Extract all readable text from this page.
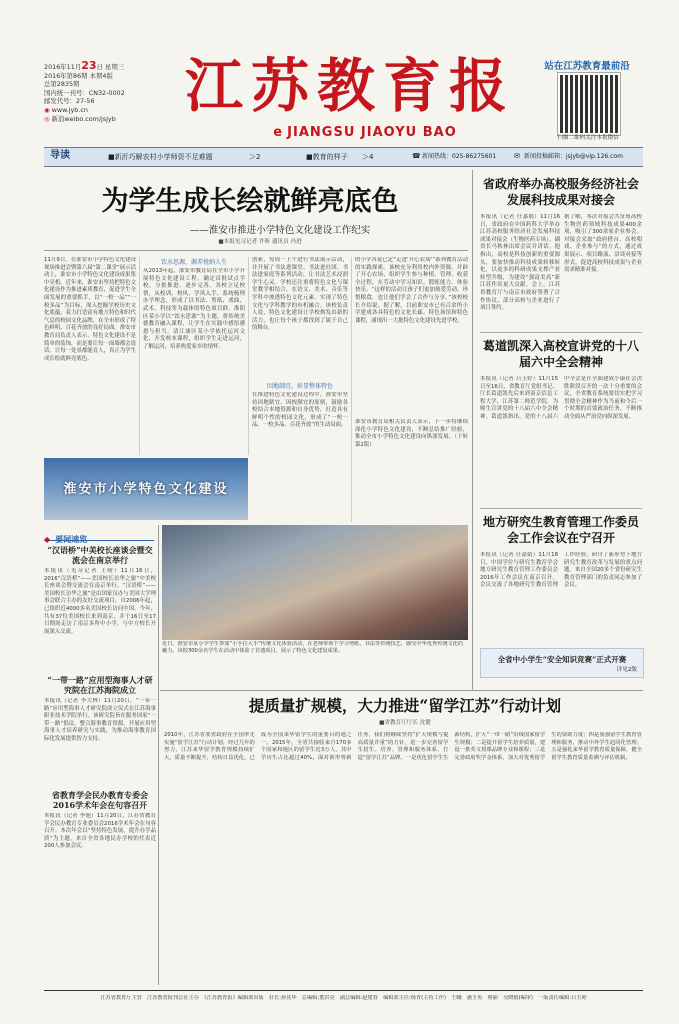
2016年11月23日 星期三
2016年第86期 本期4版
总第2835期
国内统一刊号：CN32-0002
邮发代号：27-56
◉ www.jyb.cn
◎ 新浪weibo.com/jsjyb	江苏教育报
e JIANGSU JIAOYU BAO
站在江苏教育最前沿
扫描二维码关注本报微信
导读	■新沂巧解农村小学师资不足难题	＞2	■教育的样子 ＞4	☎ 新闻热线：025-86275601	✉ 新闻投稿邮箱：jsjyb@vip.126.com
为学生成长绘就鲜亮底色
——淮安市推进小学特色文化建设工作纪实
■本报见习记者 许昕 通讯员 冯进
11月9日，在淮安市小学特色文化建设现场推进会暨第六届“第二课堂”展示活动上，淮安市小学特色文化建设成果集中亮相。近年来，淮安市坚持把特色文化建设作为推进素质教育、促进学生全面发展的重要抓手，以“一校一品”“一校多品”为目标，深入挖掘学校历史文化底蕴，着力打造富有地方特色和时代气息的校园文化品牌，在全市形成了特色鲜明、百花齐放的良好局面。淮安市教育局负责人表示，特色文化建设不是简单的装饰，而是要让每一面墙都会说话，让每一处景都能育人，真正为学生成长绘就鲜亮底色。
饮水思源，源养悦纳人生
从2013年起，淮安市教育局在全市小学开展特色文化建设工程，确定首批试点学校，分批推进、逐步完善。各校立足校情，从校训、校风、学风入手，系统梳理办学理念，形成了以书法、剪纸、戏曲、武术、科技等为载体的特色项目群。淮阴区某小学以“饮水思源”为主题，将传统美德教育融入课程，让学生在实践中感悟感恩与担当。清江浦区某小学依托运河文化，开发校本课程，组织学生走进运河、了解运河，培养热爱家乡的情怀。
创新，每周一上午进行书法展示活动，并开展了书法进课堂、书法进社团、书法进家庭等系列活动，让书法艺术浸润学生心灵。学校还注重将特色文化与课堂教学相结合，在语文、美术、音乐等学科中渗透特色文化元素，实现了特色文化与学科教学的有机融合。该校负责人说，特色文化建设让学校焕发出新的活力，也让每个孩子都找到了属于自己的舞台。
因地制宜，彰显整体特色
在推进特色文化建设过程中，淮安市坚持因地制宜、因校制宜的原则，鼓励各校结合本地资源和自身优势，打造具有鲜明个性的校园文化，形成了“一校一品、一校多品、百花齐放”的生动局面。
的小学各说已定“走进‘开心农场’”系列教育活动的实践探索。该校充分利用校内外资源，开辟了开心农场，组织学生参与种植、管理、收获全过程，在劳动中学习知识、锻炼能力、体验快乐。“这样的活动让孩子们更加热爱劳动、珍惜粮食，也让他们学会了合作与分享。”该校校长介绍说。据了解，目前淮安市已有百余所小学建成各具特色的文化长廊、特色场馆和特色课程，涌现出一大批特色文化建设先进学校。
淮安市教育局相关负责人表示，下一步将继续深化小学特色文化建设，不断总结推广经验，推动全市小学特色文化建设向纵深发展。（下转第2版）
淮安市小学特色文化建设
近日，淮安市某小学学生参加“小手拉大手”传统文化体验活动，在老师带领下学习剪纸、书法等传统技艺，感受中华优秀传统文化的魅力。该校300余名学生在活动中体验了非遗项目，展示了特色文化建设成果。
◆ 要闻速览
“汉语桥”中美校长座谈会暨交流会在南京举行
本报讯（见习记者 王晴）11月16日，2016“汉语桥”——美国校长访华之旅“中美校长座谈会暨交流会在南京举行。“汉语桥”——美国校长访华之旅”是由国家汉办与美国大学理事会联合主办的友好交流项目，自2006年起，已组织近4000多名美国校长访问中国。今年，共有37位美国校长来到南京，并于16日至17日期间走访了南京多所中小学，与中方校长开展深入交流。
“一带一路”应用型海事人才研究院在江苏海院成立
本报讯（记者 李大林）11月20日，“一带一路”应用型海事人才研究院成立仪式在江苏海事职业技术学院举行。该研究院旨在服务国家“一带一路”倡议，整合海事教育资源，开展应用型海事人才培养研究与实践，为推动海事教育国际化发展提供智力支持。
省教育学会民办教育专委会2016学术年会在句容召开
本报讯（记者 李旭）11月20日，江苏省教育学会民办教育专业委员会2016学术年会在句容召开。本次年会以“坚持特色发展，提升办学品质”为主题，来自全省各地民办学校的代表近200人参加会议。
省政府举办高校服务经济社会发展科技成果对接会
本报讯（记者 任嘉婧）11月16日，省政府在中国药科大学举办江苏高校服务经济社会发展科技成果对接会（生物医药专场）。副省长马秋林出席会议并讲话。他指出，高校是科技创新的重要源头，要加快推动科技成果转移转化，以更多的科研成果支撑产业转型升级，为建设“强富美高”新江苏作出更大贡献。会上，江苏省教育厅与南京市政府签署了合作协议，部分高校与企业进行了项目签约。
据了解，本次对接会共征集高校生物医药领域科技成果400余项，吸引了300余家企业参会。对接会采取“政府搭台、高校唱戏、企业参与”的方式，通过成果展示、项目路演、洽谈对接等形式，促进高校科技成果与企业需求精准对接。
葛道凯深入高校宣讲党的十八届六中全会精神
本报讯（记者 吕玉婷）11月15日至16日，省教育厅党组书记、厅长葛道凯先后来到南京信息工程大学、江苏第二师范学院，为师生宣讲党的十八届六中全会精神。葛道凯指出，党的十八届六中全会是在全面建成小康社会决胜阶段召开的一次十分重要的会议，全省教育系统要切实把学习贯彻全会精神作为当前和今后一个时期的首要政治任务，不断推动全面从严治党向纵深发展。
地方研究生教育管理工作委员会工作会议在宁召开
本报讯（记者 任嘉婧）11月18日，中国学位与研究生教育学会地方研究生教育管理工作委员会2016年工作会议在南京召开。会议交流了各地研究生教育管理工作经验，研讨了新形势下地方研究生教育改革与发展的重点问题。来自全国20多个省份研究生教育管理部门的负责同志参加了会议。
全省中小学生“安全知识竞赛”正式开赛
详见2版
提质量扩规模，大力推进“留学江苏”行动计划
■省教育厅厅长 沈健
2010年，江苏省委省政府在全国率先实施“留学江苏”行动计划，经过几年的努力，江苏来华留学教育规模持续扩大，质量不断提升，结构日益优化，已成为全国来华留学生的重要目的地之一。2015年，全省共接收来自170多个国家和地区的留学生近3万人，其中学历生占比超过40%。面对新形势新任务，我们将继续坚持“扩大规模与提高质量并重”的方针，进一步完善留学生招生、培养、管理和服务体系，打造“留学江苏”品牌。一是优化留学生生源结构，扩大“一带一路”沿线国家留学生规模；二是提升留学生培养质量，建设一批英文授课品牌专业和课程；三是完善政府奖学金体系，加大对优秀留学生的资助力度；四是加强留学生教育管理和服务，推动中外学生趋同化管理；五是强化来华留学教育质量保障，健全留学生教育质量监测与评估机制。
江苏省教育厅主管　江苏教育报刊总社主办　《江苏教育报》编辑部出版　社长:孙其华　总编辑:董洪亮　副总编辑:赵建春　编辑部主任:杨青(主持工作)　王曦　潘玉英　蔡丽　吴晓娟(编审)　一版责任编辑:吕玉婷
